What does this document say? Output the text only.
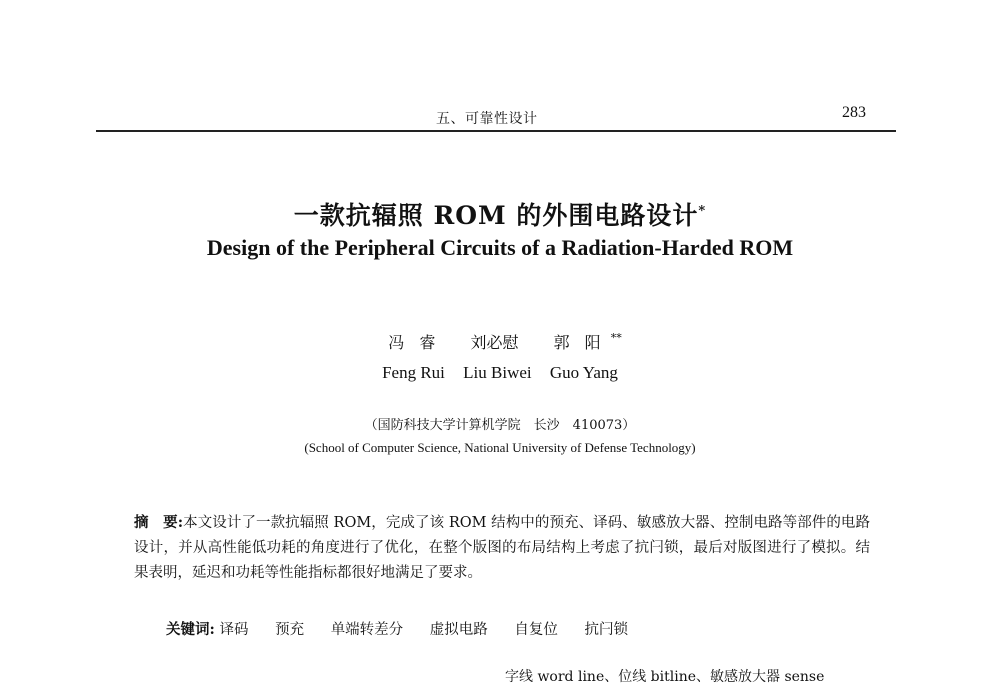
五、可靠性设计	283
一款抗辐照 ROM 的外围电路设计*
Design of the Peripheral Circuits of a Radiation-Harded ROM
冯 睿 刘必慰 郭 阳 **
Feng Rui Liu Biwei Guo Yang
（国防科技大学计算机学院　长沙　410073）
(School of Computer Science, National University of Defense Technology)
摘　要:本文设计了一款抗辐照 ROM，完成了该 ROM 结构中的预充、译码、敏感放大器、控制电路等部件的电路设计，并从高性能低功耗的角度进行了优化，在整个版图的布局结构上考虑了抗闩锁，最后对版图进行了模拟。结果表明，延迟和功耗等性能指标都很好地满足了要求。
关键词: 译码 预充 单端转差分 虚拟电路 自复位 抗闩锁
字线 word line、位线 bitline、敏感放大器 sense
